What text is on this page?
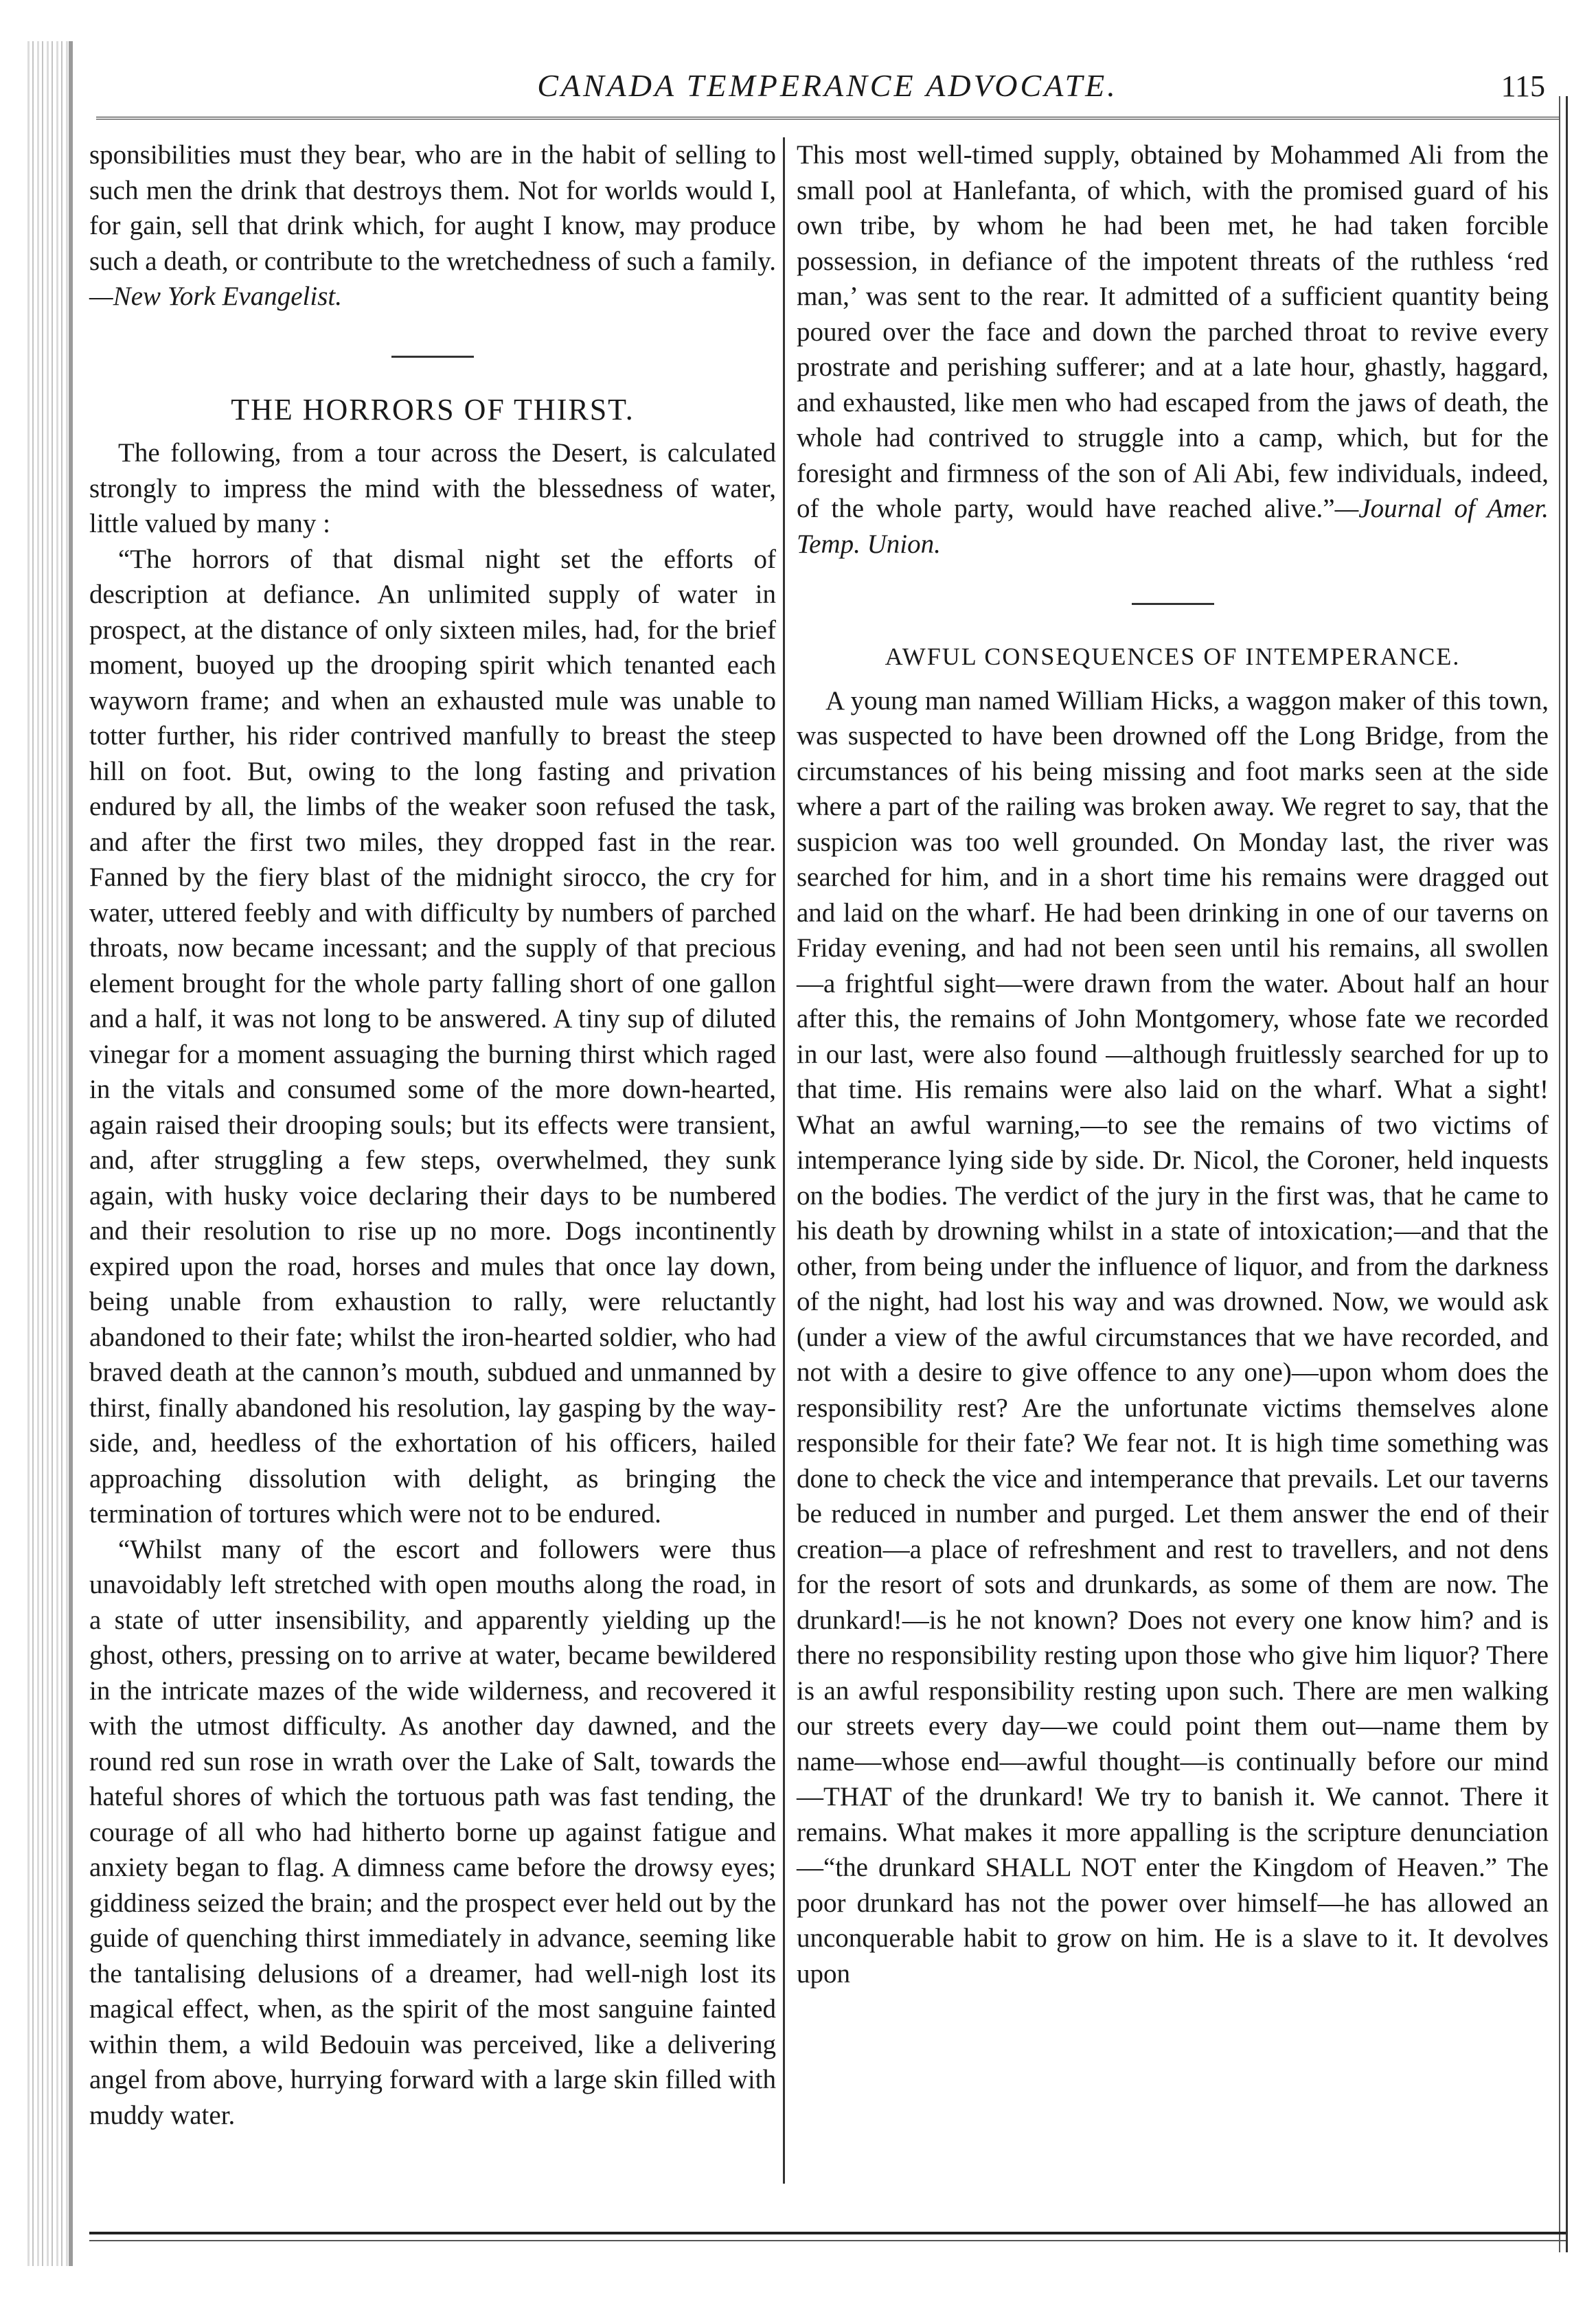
CANADA TEMPERANCE ADVOCATE.	115

sponsibilities must they bear, who are in the habit of selling to such men the drink that destroys them. Not for worlds would I, for gain, sell that drink which, for aught I know, may produce such a death, or contribute to the wretchedness of such a family.—New York Evangelist.

THE HORRORS OF THIRST.

The following, from a tour across the Desert, is calculated strongly to impress the mind with the blessedness of water, little valued by many :

“The horrors of that dismal night set the efforts of description at defiance. An unlimited supply of water in prospect, at the distance of only sixteen miles, had, for the brief moment, buoyed up the drooping spirit which tenanted each wayworn frame; and when an exhausted mule was unable to totter further, his rider contrived manfully to breast the steep hill on foot. But, owing to the long fasting and privation endured by all, the limbs of the weaker soon refused the task, and after the first two miles, they dropped fast in the rear. Fanned by the fiery blast of the midnight sirocco, the cry for water, uttered feebly and with difficulty by numbers of parched throats, now became incessant; and the supply of that precious element brought for the whole party falling short of one gallon and a half, it was not long to be answered. A tiny sup of diluted vinegar for a moment assuaging the burning thirst which raged in the vitals and consumed some of the more down-hearted, again raised their drooping souls; but its effects were transient, and, after struggling a few steps, overwhelmed, they sunk again, with husky voice declaring their days to be numbered and their resolution to rise up no more. Dogs incontinently expired upon the road, horses and mules that once lay down, being unable from exhaustion to rally, were reluctantly abandoned to their fate; whilst the iron-hearted soldier, who had braved death at the cannon’s mouth, subdued and unmanned by thirst, finally abandoned his resolution, lay gasping by the way-side, and, heedless of the exhortation of his officers, hailed approaching dissolution with delight, as bringing the termination of tortures which were not to be endured.

“Whilst many of the escort and followers were thus unavoidably left stretched with open mouths along the road, in a state of utter insensibility, and apparently yielding up the ghost, others, pressing on to arrive at water, became bewildered in the intricate mazes of the wide wilderness, and recovered it with the utmost difficulty. As another day dawned, and the round red sun rose in wrath over the Lake of Salt, towards the hateful shores of which the tortuous path was fast tending, the courage of all who had hitherto borne up against fatigue and anxiety began to flag. A dimness came before the drowsy eyes; giddiness seized the brain; and the prospect ever held out by the guide of quenching thirst immediately in advance, seeming like the tantalising delusions of a dreamer, had well-nigh lost its magical effect, when, as the spirit of the most sanguine fainted within them, a wild Bedouin was perceived, like a delivering angel from above, hurrying forward with a large skin filled with muddy water.

This most well-timed supply, obtained by Mohammed Ali from the small pool at Hanlefanta, of which, with the promised guard of his own tribe, by whom he had been met, he had taken forcible possession, in defiance of the impotent threats of the ruthless ‘red man,’ was sent to the rear. It admitted of a sufficient quantity being poured over the face and down the parched throat to revive every prostrate and perishing sufferer; and at a late hour, ghastly, haggard, and exhausted, like men who had escaped from the jaws of death, the whole had contrived to struggle into a camp, which, but for the foresight and firmness of the son of Ali Abi, few individuals, indeed, of the whole party, would have reached alive.”—Journal of Amer. Temp. Union.

AWFUL CONSEQUENCES OF INTEMPERANCE.

A young man named William Hicks, a waggon maker of this town, was suspected to have been drowned off the Long Bridge, from the circumstances of his being missing and foot marks seen at the side where a part of the railing was broken away. We regret to say, that the suspicion was too well grounded. On Monday last, the river was searched for him, and in a short time his remains were dragged out and laid on the wharf. He had been drinking in one of our taverns on Friday evening, and had not been seen until his remains, all swollen—a frightful sight—were drawn from the water. About half an hour after this, the remains of John Montgomery, whose fate we recorded in our last, were also found —although fruitlessly searched for up to that time. His remains were also laid on the wharf. What a sight! What an awful warning,—to see the remains of two victims of intemperance lying side by side. Dr. Nicol, the Coroner, held inquests on the bodies. The verdict of the jury in the first was, that he came to his death by drowning whilst in a state of intoxication;—and that the other, from being under the influence of liquor, and from the darkness of the night, had lost his way and was drowned. Now, we would ask (under a view of the awful circumstances that we have recorded, and not with a desire to give offence to any one)—upon whom does the responsibility rest? Are the unfortunate victims themselves alone responsible for their fate? We fear not. It is high time something was done to check the vice and intemperance that prevails. Let our taverns be reduced in number and purged. Let them answer the end of their creation—a place of refreshment and rest to travellers, and not dens for the resort of sots and drunkards, as some of them are now. The drunkard!—is he not known? Does not every one know him? and is there no responsibility resting upon those who give him liquor? There is an awful responsibility resting upon such. There are men walking our streets every day—we could point them out—name them by name—whose end—awful thought—is continually before our mind—THAT of the drunkard! We try to banish it. We cannot. There it remains. What makes it more appalling is the scripture denunciation—“the drunkard SHALL NOT enter the Kingdom of Heaven.” The poor drunkard has not the power over himself—he has allowed an unconquerable habit to grow on him. He is a slave to it. It devolves upon
